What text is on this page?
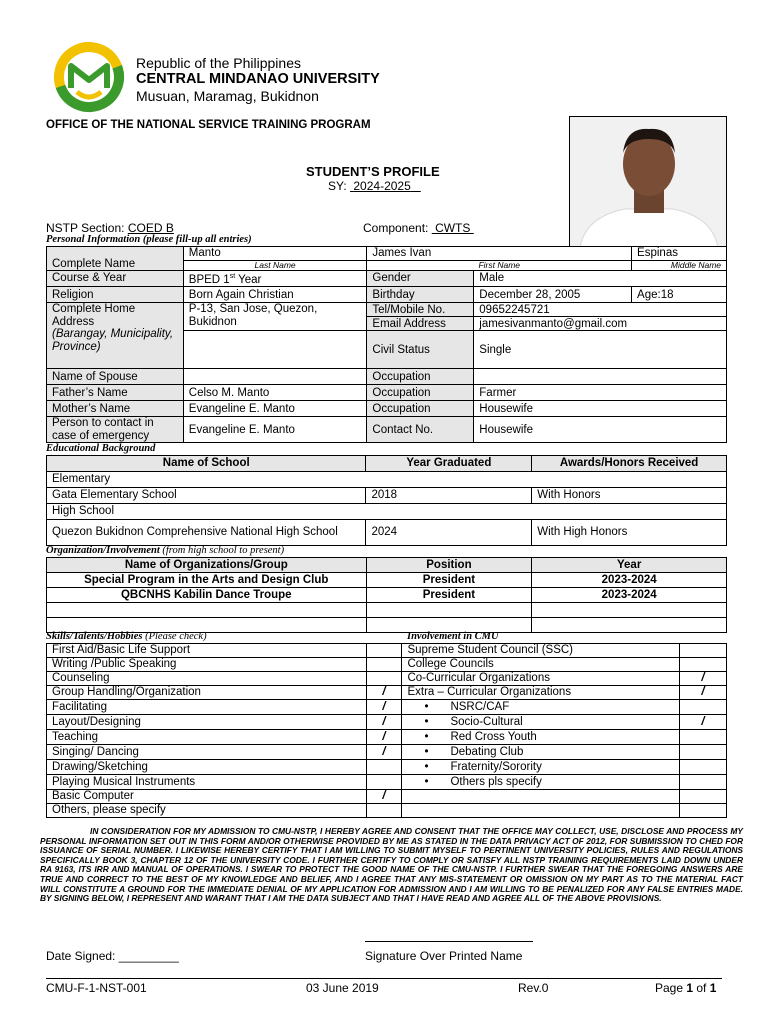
Republic of the Philippines
CENTRAL MINDANAO UNIVERSITY
Musuan, Maramag, Bukidnon
OFFICE OF THE NATIONAL SERVICE TRAINING PROGRAM
STUDENT’S PROFILE
SY: 2024-2025
NSTP Section: COED B	Component: CWTS
Personal Information (please fill-up all entries)
Complete Name	Manto	James Ivan		Espinas
	Last Name	First Name		Middle Name
Course & Year	BPED 1st Year	Gender	Male	
Religion	Born Again Christian	Birthday	December 28, 2005	Age:18

Complete Home Address
(Barangay, Municipality, Province)	P-13, San Jose, Quezon, Bukidnon	Tel/Mobile No.	09652245721	
		Email Address	jamesivanmanto@gmail.com	
		Civil Status	Single	
Name of Spouse		Occupation		
Father’s Name	Celso M. Manto	Occupation	Farmer	
Mother’s Name	Evangeline E. Manto	Occupation	Housewife	
Person to contact in case of emergency	Evangeline E. Manto	Contact No.	Housewife	
Educational Background
Name of School	Year Graduated	Awards/Honors Received
Elementary		
Gata Elementary School	2018	With Honors
High School		
Quezon Bukidnon Comprehensive National High School	2024	With High Honors
Organization/Involvement (from high school to present)
Name of Organizations/Group	Position	Year
Special Program in the Arts and Design Club	President	2023-2024
QBCNHS Kabilin Dance Troupe	President	2023-2024

Skills/Talents/Hobbies (Please check)	Involvement in CMU
First Aid/Basic Life Support		Supreme Student Council (SSC)	
Writing /Public Speaking		College Councils	
Counseling		Co-Curricular Organizations	/
Group Handling/Organization	/	Extra – Curricular Organizations	/
Facilitating	/	• NSRC/CAF	
Layout/Designing	/	• Socio-Cultural	/
Teaching	/	• Red Cross Youth	
Singing/ Dancing	/	• Debating Club	
Drawing/Sketching		• Fraternity/Sorority	
Playing Musical Instruments		• Others pls specify	
Basic Computer	/		
Others, please specify			
IN CONSIDERATION FOR MY ADMISSION TO CMU-NSTP, I HEREBY AGREE AND CONSENT THAT THE OFFICE MAY COLLECT, USE, DISCLOSE AND PROCESS MY PERSONAL INFORMATION SET OUT IN THIS FORM AND/OR OTHERWISE PROVIDED BY ME AS STATED IN THE DATA PRIVACY ACT OF 2012, FOR SUBMISSION TO CHED FOR ISSUANCE OF SERIAL NUMBER. I LIKEWISE HEREBY CERTIFY THAT I AM WILLING TO SUBMIT MYSELF TO PERTINENT UNIVERSITY POLICIES, RULES AND REGULATIONS SPECIFICALLY BOOK 3, CHAPTER 12 OF THE UNIVERSITY CODE. I FURTHER CERTIFY TO COMPLY OR SATISFY ALL NSTP TRAINING REQUIREMENTS LAID DOWN UNDER RA 9163, ITS IRR AND MANUAL OF OPERATIONS. I SWEAR TO PROTECT THE GOOD NAME OF THE CMU-NSTP. I FURTHER SWEAR THAT THE FOREGOING ANSWERS ARE TRUE AND CORRECT TO THE BEST OF MY KNOWLEDGE AND BELIEF, AND I AGREE THAT ANY MIS-STATEMENT OR OMISSION ON MY PART AS TO THE MATERIAL FACT WILL CONSTITUTE A GROUND FOR THE IMMEDIATE DENIAL OF MY APPLICATION FOR ADMISSION AND I AM WILLING TO BE PENALIZED FOR ANY FALSE ENTRIES MADE. BY SIGNING BELOW, I REPRESENT AND WARANT THAT I AM THE DATA SUBJECT AND THAT I HAVE READ AND AGREE ALL OF THE ABOVE PROVISIONS.
Date Signed: _________	Signature Over Printed Name
CMU-F-1-NST-001	03 June 2019	Rev.0	Page 1 of 1
